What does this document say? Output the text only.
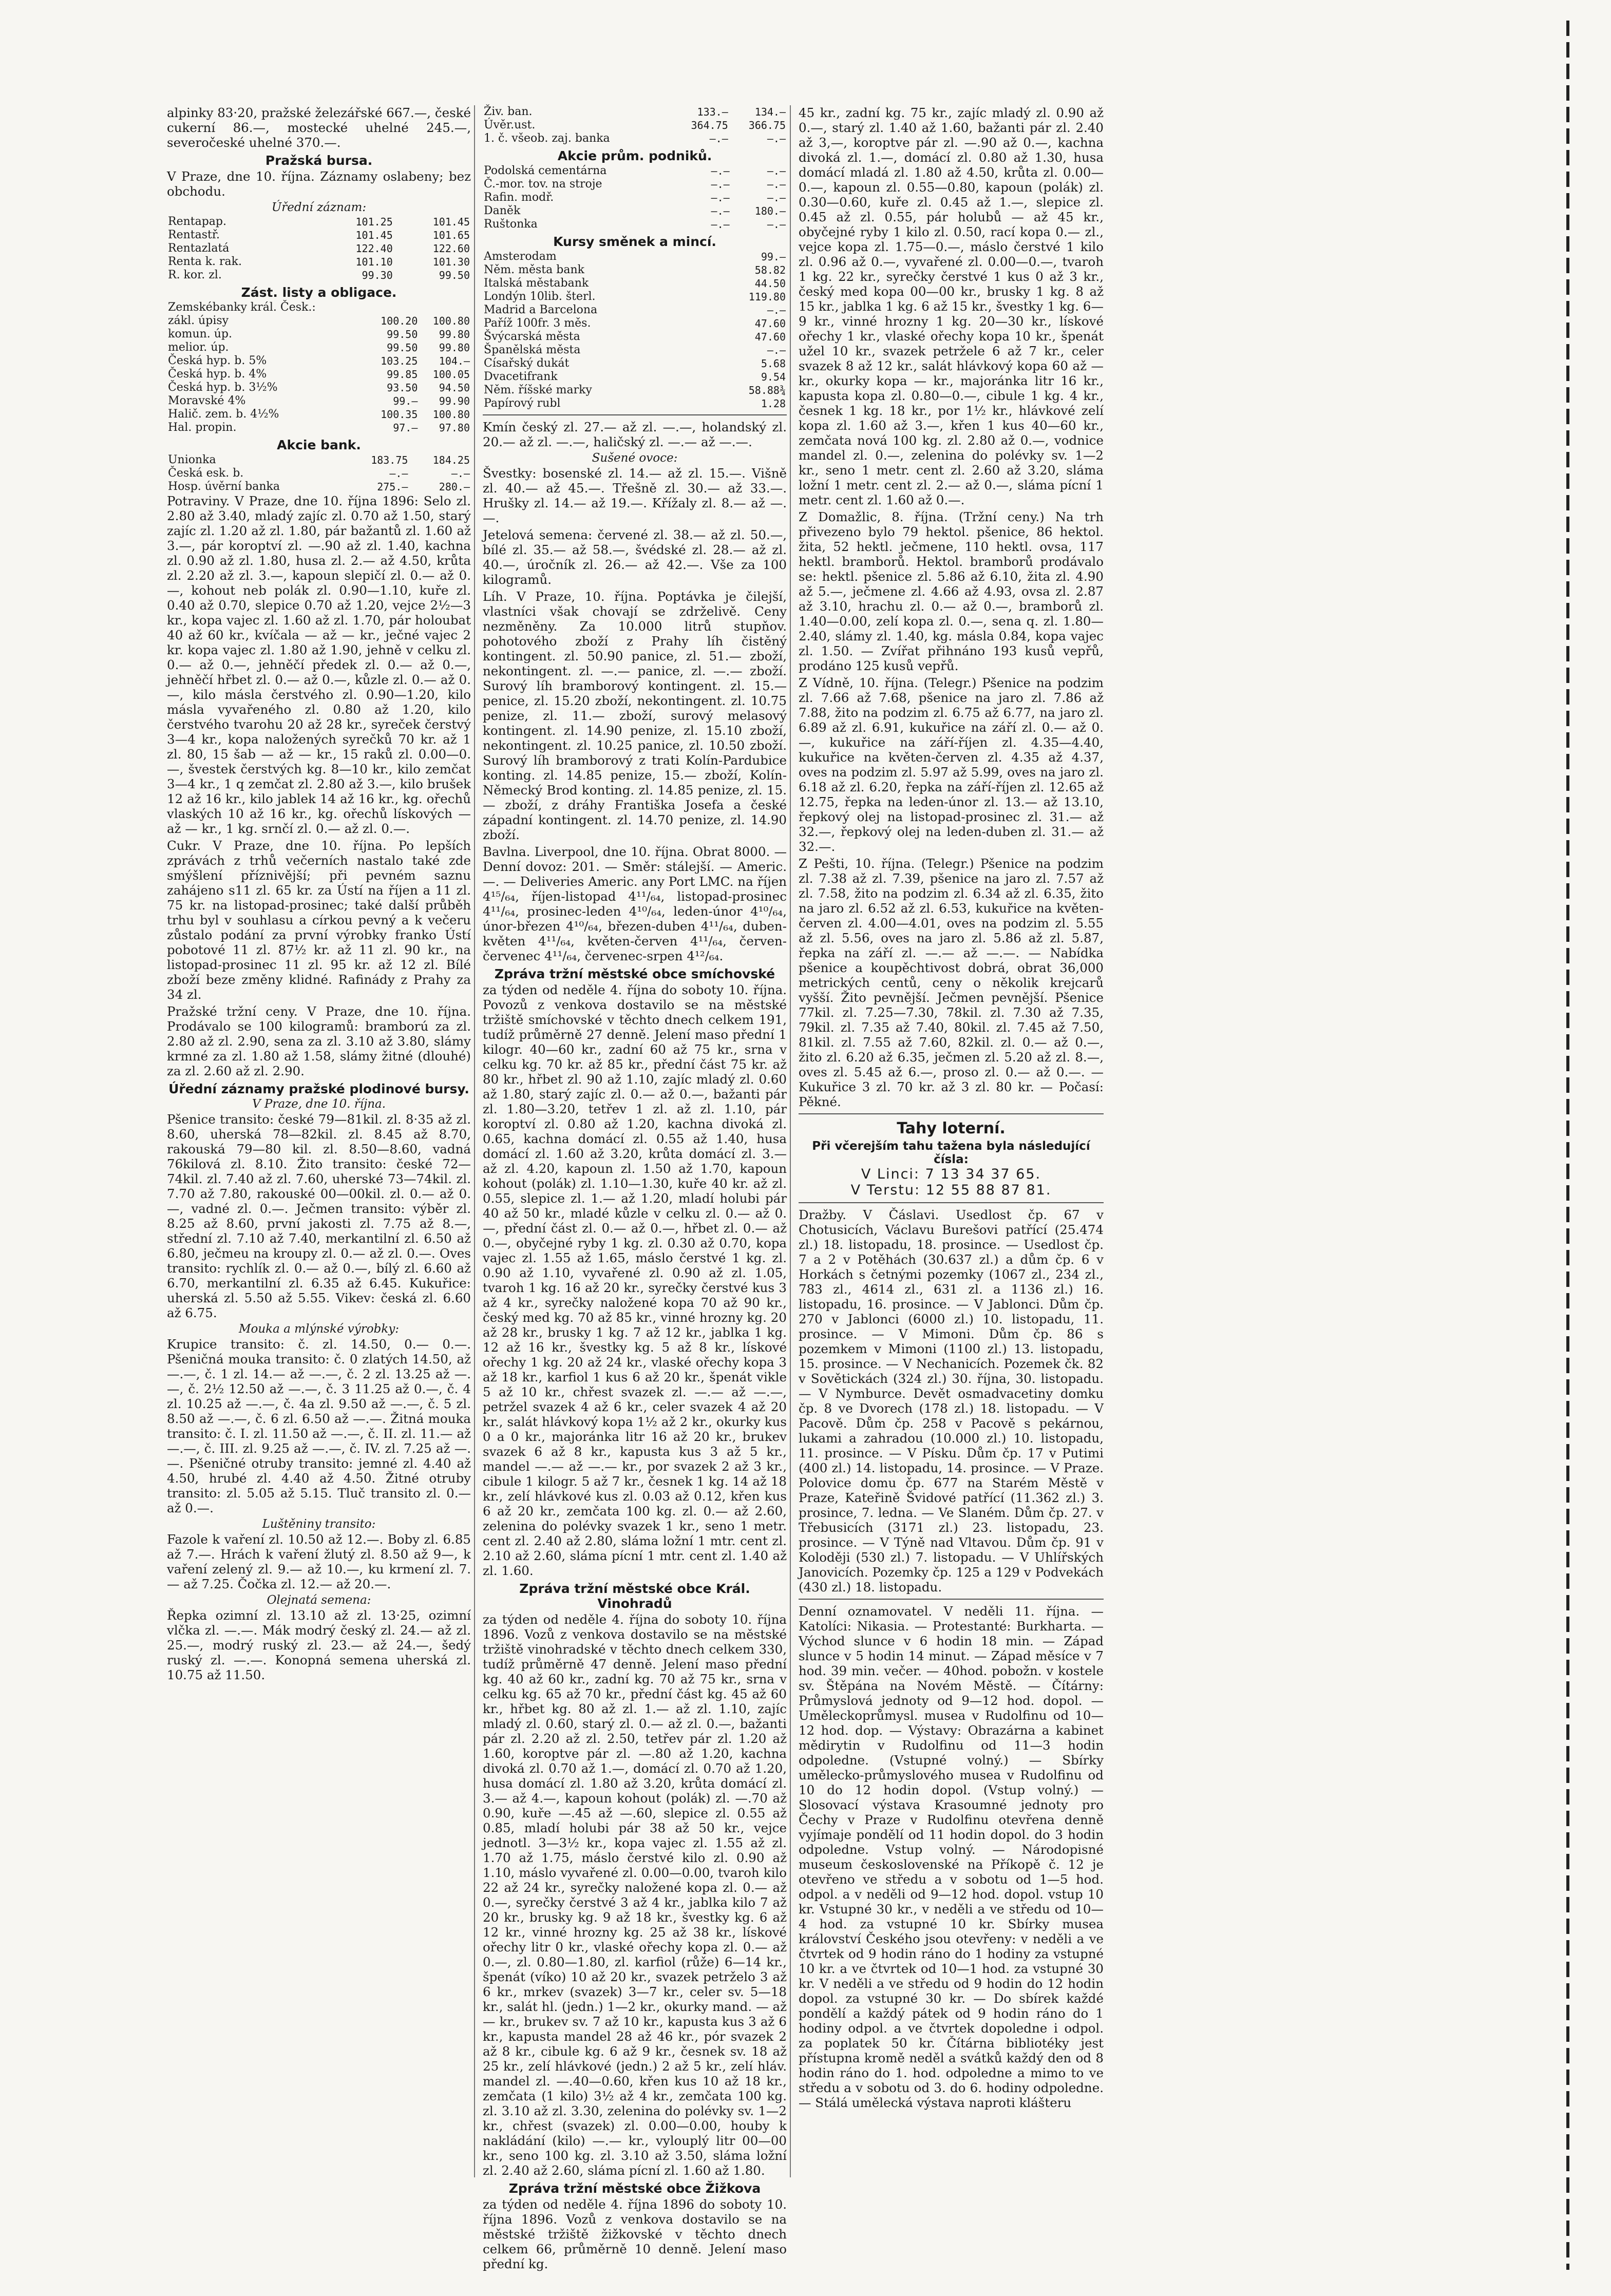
alpinky 83·20, pražské železářské 667.—, české cukerní 86.—, mostecké uhelné 245.—, severočeské uhelné 370.—.

Pražská bursa.

V Praze, dne 10. října. Záznamy oslabeny; bez obchodu.

Úřední záznam:
Rentapap.	101.25	101.45
Rentastř.	101.45	101.65
Rentazlatá	122.40	122.60
Renta k. rak.	101.10	101.30
R. kor. zl.	99.30	99.50
Zást. listy a obligace.
Zemskébanky král. Česk.:		
zákl. úpisy	100.20	100.80
komun. úp.	99.50	99.80
melior. úp.	99.50	99.80
Česká hyp. b. 5%	103.25	104.—
Česká hyp. b. 4%	99.85	100.05
Česká hyp. b. 3½%	93.50	94.50
Moravské 4%	99.—	99.90
Halič. zem. b. 4½%	100.35	100.80
Hal. propin.	97.—	97.80
Akcie bank.
Unionka	183.75	184.25
Česká esk. b.	—.—	—.—
Hosp. úvěrní banka	275.—	280.—

Potraviny. V Praze, dne 10. října 1896: Selo zl. 2.80 až 3.40, mladý zajíc zl. 0.70 až 1.50, starý zajíc zl. 1.20 až zl. 1.80, pár bažantů zl. 1.60 až 3.—, pár koroptví zl. —.90 až zl. 1.40, kachna zl. 0.90 až zl. 1.80, husa zl. 2.— až 4.50, krůta zl. 2.20 až zl. 3.—, kapoun slepičí zl. 0.— až 0.—, kohout neb polák zl. 0.90—1.10, kuře zl. 0.40 až 0.70, slepice 0.70 až 1.20, vejce 2½—3 kr., kopa vajec zl. 1.60 až zl. 1.70, pár holoubat 40 až 60 kr., kvíčala — až — kr., ječné vajec 2 kr. kopa vajec zl. 1.80 až 1.90, jehně v celku zl. 0.— až 0.—, jehněčí předek zl. 0.— až 0.—, jehněčí hřbet zl. 0.— až 0.—, kůzle zl. 0.— až 0.—, kilo másla čerstvého zl. 0.90—1.20, kilo másla vyvařeného zl. 0.80 až 1.20, kilo čerstvého tvarohu 20 až 28 kr., syreček čerstvý 3—4 kr., kopa naložených syrečků 70 kr. až 1 zl. 80, 15 šab — až — kr., 15 raků zl. 0.00—0.—, švestek čerstvých kg. 8—10 kr., kilo zemčat 3—4 kr., 1 q zemčat zl. 2.80 až 3.—, kilo brušek 12 až 16 kr., kilo jablek 14 až 16 kr., kg. ořechů vlaských 10 až 16 kr., kg. ořechů lískových — až — kr., 1 kg. srnčí zl. 0.— až zl. 0.—.

Cukr. V Praze, dne 10. října. Po lepších zprávách z trhů večerních nastalo také zde smýšlení příznivější; při pevném saznu zahájeno s11 zl. 65 kr. za Ústí na říjen a 11 zl. 75 kr. na listopad-prosinec; také další průběh trhu byl v souhlasu a církou pevný a k večeru zůstalo podání za první výrobky franko Ústí pobotové 11 zl. 87½ kr. až 11 zl. 90 kr., na listopad-prosinec 11 zl. 95 kr. až 12 zl. Bílé zboží beze změny klidné. Rafinády z Prahy za 34 zl.

Pražské tržní ceny. V Praze, dne 10. října. Prodávalo se 100 kilogramů: bramború za zl. 2.80 až zl. 2.90, sena za zl. 3.10 až 3.80, slámy krmné za zl. 1.80 až 1.58, slámy žitné (dlouhé) za zl. 2.60 až zl. 2.90.

Úřední záznamy pražské plodinové bursy.
V Praze, dne 10. října.

Pšenice transito: české 79—81kil. zl. 8·35 až zl. 8.60, uherská 78—82kil. zl. 8.45 až 8.70, rakouská 79—80 kil. zl. 8.50—8.60, vadná 76kilová zl. 8.10. Žito transito: české 72—74kil. zl. 7.40 až zl. 7.60, uherské 73—74kil. zl. 7.70 až 7.80, rakouské 00—00kil. zl. 0.— až 0.—, vadné zl. 0.—. Ječmen transito: výběr zl. 8.25 až 8.60, první jakosti zl. 7.75 až 8.—, střední zl. 7.10 až 7.40, merkantilní zl. 6.50 až 6.80, ječmeu na kroupy zl. 0.— až zl. 0.—. Oves transito: rychlík zl. 0.— až 0.—, bílý zl. 6.60 až 6.70, merkantilní zl. 6.35 až 6.45. Kukuřice: uherská zl. 5.50 až 5.55. Vikev: česká zl. 6.60 až 6.75.

Mouka a mlýnské výrobky:

Krupice transito: č. zl. 14.50, 0.— 0.—. Pšeničná mouka transito: č. 0 zlatých 14.50, až —.—, č. 1 zl. 14.— až —.—, č. 2 zl. 13.25 až —.—, č. 2½ 12.50 až —.—, č. 3 11.25 až 0.—, č. 4 zl. 10.25 až —.—, č. 4a zl. 9.50 až —.—, č. 5 zl. 8.50 až —.—, č. 6 zl. 6.50 až —.—. Žitná mouka transito: č. I. zl. 11.50 až —.—, č. II. zl. 11.— až —.—, č. III. zl. 9.25 až —.—, č. IV. zl. 7.25 až —.—. Pšeničné otruby transito: jemné zl. 4.40 až 4.50, hrubé zl. 4.40 až 4.50. Žitné otruby transito: zl. 5.05 až 5.15. Tluč transito zl. 0.— až 0.—.

Luštěniny transito:

Fazole k vaření zl. 10.50 až 12.—. Boby zl. 6.85 až 7.—. Hrách k vaření žlutý zl. 8.50 až 9—, k vaření zelený zl. 9.— až 10.—, ku krmení zl. 7.— až 7.25. Čočka zl. 12.— až 20.—.

Olejnatá semena:

Řepka ozimní zl. 13.10 až zl. 13·25, ozimní vlčka zl. —.—. Mák modrý český zl. 24.— až zl. 25.—, modrý ruský zl. 23.— až 24.—, šedý ruský zl. —.—. Konopná semena uherská zl. 10.75 až 11.50.

Živ. ban.	133.—	134.—
Úvěr.ust.	364.75	366.75
1. č. všeob. zaj. banka	—.—	—.—
Akcie prům. podniků.
Podolská cementárna	—.—	—.—
Č.-mor. tov. na stroje	—.—	—.—
Rafin. modř.	—.—	—.—
Daněk	—.—	180.—
Ruštonka	—.—	—.—
Kursy směnek a mincí.
Amsterodam	99.—
Něm. města bank	58.82
Italská městabank	44.50
Londýn 10lib. šterl.	119.80
Madrid a Barcelona	—.—
Paříž 100fr. 3 měs.	47.60
Švýcarská města	47.60
Španělská města	—.—
Císařský dukát	5.68
Dvacetifrank	9.54
Něm. říšské marky	58.88¾
Papírový rubl	1.28

Kmín český zl. 27.— až zl. —.—, holandský zl. 20.— až zl. —.—, haličský zl. —.— až —.—.

Sušené ovoce:

Švestky: bosenské zl. 14.— až zl. 15.—. Višně zl. 40.— až 45.—. Třešně zl. 30.— až 33.—. Hrušky zl. 14.— až 19.—. Křížaly zl. 8.— až —.—.

Jetelová semena: červené zl. 38.— až zl. 50.—, bílé zl. 35.— až 58.—, švédské zl. 28.— až zl. 40.—, úročník zl. 26.— až 42.—. Vše za 100 kilogramů.

Líh. V Praze, 10. října. Poptávka je čilejší, vlastníci však chovají se zdrželivě. Ceny nezměněny. Za 10.000 litrů stupňov. pohotového zboží z Prahy líh čistěný kontingent. zl. 50.90 panice, zl. 51.— zboží, nekontingent. zl. —.— panice, zl. —.— zboží. Surový líh bramborový kontingent. zl. 15.— penice, zl. 15.20 zboží, nekontingent. zl. 10.75 penize, zl. 11.— zboží, surový melasový kontingent. zl. 14.90 penize, zl. 15.10 zboží, nekontingent. zl. 10.25 panice, zl. 10.50 zboží. Surový líh bramborový z trati Kolín-Pardubice konting. zl. 14.85 penize, 15.— zboží, Kolín-Německý Brod konting. zl. 14.85 penize, zl. 15.— zboží, z dráhy Františka Josefa a české západní kontingent. zl. 14.70 penize, zl. 14.90 zboží.

Bavlna. Liverpool, dne 10. října. Obrat 8000. — Denní dovoz: 201. — Směr: stálejší. — Americ. —. — Deliveries Americ. any Port LMC. na říjen 4¹⁵/₆₄, říjen-listopad 4¹¹/₆₄, listopad-prosinec 4¹¹/₆₄, prosinec-leden 4¹⁰/₆₄, leden-únor 4¹⁰/₆₄, únor-březen 4¹⁰/₆₄, březen-duben 4¹¹/₆₄, duben-květen 4¹¹/₆₄, květen-červen 4¹¹/₆₄, červen-červenec 4¹¹/₆₄, červenec-srpen 4¹²/₆₄.

Zpráva tržní městské obce smíchovské

za týden od neděle 4. října do soboty 10. října. Povozů z venkova dostavilo se na městské tržiště smíchovské v těchto dnech celkem 191, tudíž průměrně 27 denně. Jelení maso přední 1 kilogr. 40—60 kr., zadní 60 až 75 kr., srna v celku kg. 70 kr. až 85 kr., přední část 75 kr. až 80 kr., hřbet zl. 90 až 1.10, zajíc mladý zl. 0.60 až 1.80, starý zajíc zl. 0.— až 0.—, bažanti pár zl. 1.80—3.20, tetřev 1 zl. až zl. 1.10, pár koroptví zl. 0.80 až 1.20, kachna divoká zl. 0.65, kachna domácí zl. 0.55 až 1.40, husa domácí zl. 1.60 až 3.20, krůta domácí zl. 3.— až zl. 4.20, kapoun zl. 1.50 až 1.70, kapoun kohout (polák) zl. 1.10—1.30, kuře 40 kr. až zl. 0.55, slepice zl. 1.— až 1.20, mladí holubi pár 40 až 50 kr., mladé kůzle v celku zl. 0.— až 0.—, přední část zl. 0.— až 0.—, hřbet zl. 0.— až 0.—, obyčejné ryby 1 kg. zl. 0.30 až 0.70, kopa vajec zl. 1.55 až 1.65, máslo čerstvé 1 kg. zl. 0.90 až 1.10, vyvařené zl. 0.90 až zl. 1.05, tvaroh 1 kg. 16 až 20 kr., syrečky čerstvé kus 3 až 4 kr., syrečky naložené kopa 70 až 90 kr., český med kg. 70 až 85 kr., vinné hrozny kg. 20 až 28 kr., brusky 1 kg. 7 až 12 kr., jablka 1 kg. 12 až 16 kr., švestky kg. 5 až 8 kr., lískové ořechy 1 kg. 20 až 24 kr., vlaské ořechy kopa 3 až 18 kr., karfiol 1 kus 6 až 20 kr., špenát vikle 5 až 10 kr., chřest svazek zl. —.— až —.—, petržel svazek 4 až 6 kr., celer svazek 4 až 20 kr., salát hlávkový kopa 1½ až 2 kr., okurky kus 0 a 0 kr., majoránka litr 16 až 20 kr., brukev svazek 6 až 8 kr., kapusta kus 3 až 5 kr., mandel —.— až —.— kr., por svazek 2 až 3 kr., cibule 1 kilogr. 5 až 7 kr., česnek 1 kg. 14 až 18 kr., zelí hlávkové kus zl. 0.03 až 0.12, křen kus 6 až 20 kr., zemčata 100 kg. zl. 0.— až 2.60, zelenina do polévky svazek 1 kr., seno 1 metr. cent zl. 2.40 až 2.80, sláma ložní 1 mtr. cent zl. 2.10 až 2.60, sláma pícní 1 mtr. cent zl. 1.40 až zl. 1.60.

Zpráva tržní městské obce Král. Vinohradů

za týden od neděle 4. října do soboty 10. října 1896. Vozů z venkova dostavilo se na městské tržiště vinohradské v těchto dnech celkem 330, tudíž průměrně 47 denně. Jelení maso přední kg. 40 až 60 kr., zadní kg. 70 až 75 kr., srna v celku kg. 65 až 70 kr., přední část kg. 45 až 60 kr., hřbet kg. 80 až zl. 1.— až zl. 1.10, zajíc mladý zl. 0.60, starý zl. 0.— až zl. 0.—, bažanti pár zl. 2.20 až zl. 2.50, tetřev pár zl. 1.20 až 1.60, koroptve pár zl. —.80 až 1.20, kachna divoká zl. 0.70 až 1.—, domácí zl. 0.70 až 1.20, husa domácí zl. 1.80 až 3.20, krůta domácí zl. 3.— až 4.—, kapoun kohout (polák) zl. —.70 až 0.90, kuře —.45 až —.60, slepice zl. 0.55 až 0.85, mladí holubi pár 38 až 50 kr., vejce jednotl. 3—3½ kr., kopa vajec zl. 1.55 až zl. 1.70 až 1.75, máslo čerstvé kilo zl. 0.90 až 1.10, máslo vyvařené zl. 0.00—0.00, tvaroh kilo 22 až 24 kr., syrečky naložené kopa zl. 0.— až 0.—, syrečky čerstvé 3 až 4 kr., jablka kilo 7 až 20 kr., brusky kg. 9 až 18 kr., švestky kg. 6 až 12 kr., vinné hrozny kg. 25 až 38 kr., lískové ořechy litr 0 kr., vlaské ořechy kopa zl. 0.— až 0.—, zl. 0.80—1.80, zl. karfiol (růže) 6—14 kr., špenát (víko) 10 až 20 kr., svazek petrželo 3 až 6 kr., mrkev (svazek) 3—7 kr., celer sv. 5—18 kr., salát hl. (jedn.) 1—2 kr., okurky mand. — až — kr., brukev sv. 7 až 10 kr., kapusta kus 3 až 6 kr., kapusta mandel 28 až 46 kr., pór svazek 2 až 8 kr., cibule kg. 6 až 9 kr., česnek sv. 18 až 25 kr., zelí hlávkové (jedn.) 2 až 5 kr., zelí hláv. mandel zl. —.40—0.60, křen kus 10 až 18 kr., zemčata (1 kilo) 3½ až 4 kr., zemčata 100 kg. zl. 3.10 až zl. 3.30, zelenina do polévky sv. 1—2 kr., chřest (svazek) zl. 0.00—0.00, houby k nakládání (kilo) —.— kr., vylouplý litr 00—00 kr., seno 100 kg. zl. 3.10 až 3.50, sláma ložní zl. 2.40 až 2.60, sláma pícní zl. 1.60 až 1.80.

Zpráva tržní městské obce Žižkova

za týden od neděle 4. října 1896 do soboty 10. října 1896. Vozů z venkova dostavilo se na městské tržiště žižkovské v těchto dnech celkem 66, průměrně 10 denně. Jelení maso přední kg.

45 kr., zadní kg. 75 kr., zajíc mladý zl. 0.90 až 0.—, starý zl. 1.40 až 1.60, bažanti pár zl. 2.40 až 3,—, koroptve pár zl. —.90 až 0.—, kachna divoká zl. 1.—, domácí zl. 0.80 až 1.30, husa domácí mladá zl. 1.80 až 4.50, krůta zl. 0.00—0.—, kapoun zl. 0.55—0.80, kapoun (polák) zl. 0.30—0.60, kuře zl. 0.45 až 1.—, slepice zl. 0.45 až zl. 0.55, pár holubů — až 45 kr., obyčejné ryby 1 kilo zl. 0.50, rací kopa 0.— zl., vejce kopa zl. 1.75—0.—, máslo čerstvé 1 kilo zl. 0.96 až 0.—, vyvařené zl. 0.00—0.—, tvaroh 1 kg. 22 kr., syrečky čerstvé 1 kus 0 až 3 kr., český med kopa 00—00 kr., brusky 1 kg. 8 až 15 kr., jablka 1 kg. 6 až 15 kr., švestky 1 kg. 6—9 kr., vinné hrozny 1 kg. 20—30 kr., lískové ořechy 1 kr., vlaské ořechy kopa 10 kr., špenát užel 10 kr., svazek petržele 6 až 7 kr., celer svazek 8 až 12 kr., salát hlávkový kopa 60 až — kr., okurky kopa — kr., majoránka litr 16 kr., kapusta kopa zl. 0.80—0.—, cibule 1 kg. 4 kr., česnek 1 kg. 18 kr., por 1½ kr., hlávkové zelí kopa zl. 1.60 až 3.—, křen 1 kus 40—60 kr., zemčata nová 100 kg. zl. 2.80 až 0.—, vodnice mandel zl. 0.—, zelenina do polévky sv. 1—2 kr., seno 1 metr. cent zl. 2.60 až 3.20, sláma ložní 1 metr. cent zl. 2.— až 0.—, sláma pícní 1 metr. cent zl. 1.60 až 0.—.

Z Domažlic, 8. října. (Tržní ceny.) Na trh přivezeno bylo 79 hektol. pšenice, 86 hektol. žita, 52 hektl. ječmene, 110 hektl. ovsa, 117 hektl. bramborů. Hektol. bramborů prodávalo se: hektl. pšenice zl. 5.86 až 6.10, žita zl. 4.90 až 5.—, ječmene zl. 4.66 až 4.93, ovsa zl. 2.87 až 3.10, hrachu zl. 0.— až 0.—, bramborů zl. 1.40—0.00, zelí kopa zl. 0.—, sena q. zl. 1.80—2.40, slámy zl. 1.40, kg. másla 0.84, kopa vajec zl. 1.50. — Zvířat přihnáno 193 kusů vepřů, prodáno 125 kusů vepřů.

Z Vídně, 10. října. (Telegr.) Pšenice na podzim zl. 7.66 až 7.68, pšenice na jaro zl. 7.86 až 7.88, žito na podzim zl. 6.75 až 6.77, na jaro zl. 6.89 až zl. 6.91, kukuřice na září zl. 0.— až 0.—, kukuřice na září-říjen zl. 4.35—4.40, kukuřice na květen-červen zl. 4.35 až 4.37, oves na podzim zl. 5.97 až 5.99, oves na jaro zl. 6.18 až zl. 6.20, řepka na září-říjen zl. 12.65 až 12.75, řepka na leden-únor zl. 13.— až 13.10, řepkový olej na listopad-prosinec zl. 31.— až 32.—, řepkový olej na leden-duben zl. 31.— až 32.—.

Z Pešti, 10. října. (Telegr.) Pšenice na podzim zl. 7.38 až zl. 7.39, pšenice na jaro zl. 7.57 až zl. 7.58, žito na podzim zl. 6.34 až zl. 6.35, žito na jaro zl. 6.52 až zl. 6.53, kukuřice na květen-červen zl. 4.00—4.01, oves na podzim zl. 5.55 až zl. 5.56, oves na jaro zl. 5.86 až zl. 5.87, řepka na září zl. —.— až —.—. — Nabídka pšenice a koupěchtivost dobrá, obrat 36,000 metrických centů, ceny o několik krejcarů vyšší. Žito pevnější. Ječmen pevnější. Pšenice 77kil. zl. 7.25—7.30, 78kil. zl. 7.30 až 7.35, 79kil. zl. 7.35 až 7.40, 80kil. zl. 7.45 až 7.50, 81kil. zl. 7.55 až 7.60, 82kil. zl. 0.— až 0.—, žito zl. 6.20 až 6.35, ječmen zl. 5.20 až zl. 8.—, oves zl. 5.45 až 6.—, proso zl. 0.— až 0.—. — Kukuřice 3 zl. 70 kr. až 3 zl. 80 kr. — Počasí: Pěkné.

Tahy loterní.
Při včerejším tahu tažena byla následující čísla:
V Linci: 7 13 34 37 65.
V Terstu: 12 55 88 87 81.

Dražby. V Čáslavi. Usedlost čp. 67 v Chotusicích, Václavu Burešovi patřící (25.474 zl.) 18. listopadu, 18. prosince. — Usedlost čp. 7 a 2 v Potěhách (30.637 zl.) a dům čp. 6 v Horkách s četnými pozemky (1067 zl., 234 zl., 783 zl., 4614 zl., 631 zl. a 1136 zl.) 16. listopadu, 16. prosince. — V Jablonci. Dům čp. 270 v Jablonci (6000 zl.) 10. listopadu, 11. prosince. — V Mimoni. Dům čp. 86 s pozemkem v Mimoni (1100 zl.) 13. listopadu, 15. prosince. — V Nechanicích. Pozemek čk. 82 v Sovětickách (324 zl.) 30. října, 30. listopadu. — V Nymburce. Devět osmadvacetiny domku čp. 8 ve Dvorech (178 zl.) 18. listopadu. — V Pacově. Dům čp. 258 v Pacově s pekárnou, lukami a zahradou (10.000 zl.) 10. listopadu, 11. prosince. — V Písku. Dům čp. 17 v Putimi (400 zl.) 14. listopadu, 14. prosince. — V Praze. Polovice domu čp. 677 na Starém Městě v Praze, Kateřině Švidové patřící (11.362 zl.) 3. prosince, 7. ledna. — Ve Slaném. Dům čp. 27. v Třebusicích (3171 zl.) 23. listopadu, 23. prosince. — V Týně nad Vltavou. Dům čp. 91 v Koloději (530 zl.) 7. listopadu. — V Uhlířských Janovicích. Pozemky čp. 125 a 129 v Podvekách (430 zl.) 18. listopadu.

Denní oznamovatel. V neděli 11. října. — Katolíci: Nikasia. — Protestanté: Burkharta. — Východ slunce v 6 hodin 18 min. — Západ slunce v 5 hodin 14 minut. — Západ měsíce v 7 hod. 39 min. večer. — 40hod. pobožn. v kostele sv. Štěpána na Novém Městě. — Čítárny: Průmyslová jednoty od 9—12 hod. dopol. — Uměleckoprůmysl. musea v Rudolfinu od 10—12 hod. dop. — Výstavy: Obrazárna a kabinet mědirytin v Rudolfinu od 11—3 hodin odpoledne. (Vstupné volný.) — Sbírky umělecko-průmyslového musea v Rudolfinu od 10 do 12 hodin dopol. (Vstup volný.) — Slosovací výstava Krasoumné jednoty pro Čechy v Praze v Rudolfinu otevřena denně vyjímaje pondělí od 11 hodin dopol. do 3 hodin odpoledne. Vstup volný. — Národopisné museum československé na Příkopě č. 12 je otevřeno ve středu a v sobotu od 1—5 hod. odpol. a v neděli od 9—12 hod. dopol. vstup 10 kr. Vstupné 30 kr., v neděli a ve středu od 10—4 hod. za vstupné 10 kr. Sbírky musea království Českého jsou otevřeny: v neděli a ve čtvrtek od 9 hodin ráno do 1 hodiny za vstupné 10 kr. a ve čtvrtek od 10—1 hod. za vstupné 30 kr. V neděli a ve středu od 9 hodin do 12 hodin dopol. za vstupné 30 kr. — Do sbírek každé pondělí a každý pátek od 9 hodin ráno do 1 hodiny odpol. a ve čtvrtek dopoledne i odpol. za poplatek 50 kr. Čítárna bibliotéky jest přístupna kromě neděl a svátků každý den od 8 hodin ráno do 1. hod. odpoledne a mimo to ve středu a v sobotu od 3. do 6. hodiny odpoledne. — Stálá umělecká výstava naproti klášteru
